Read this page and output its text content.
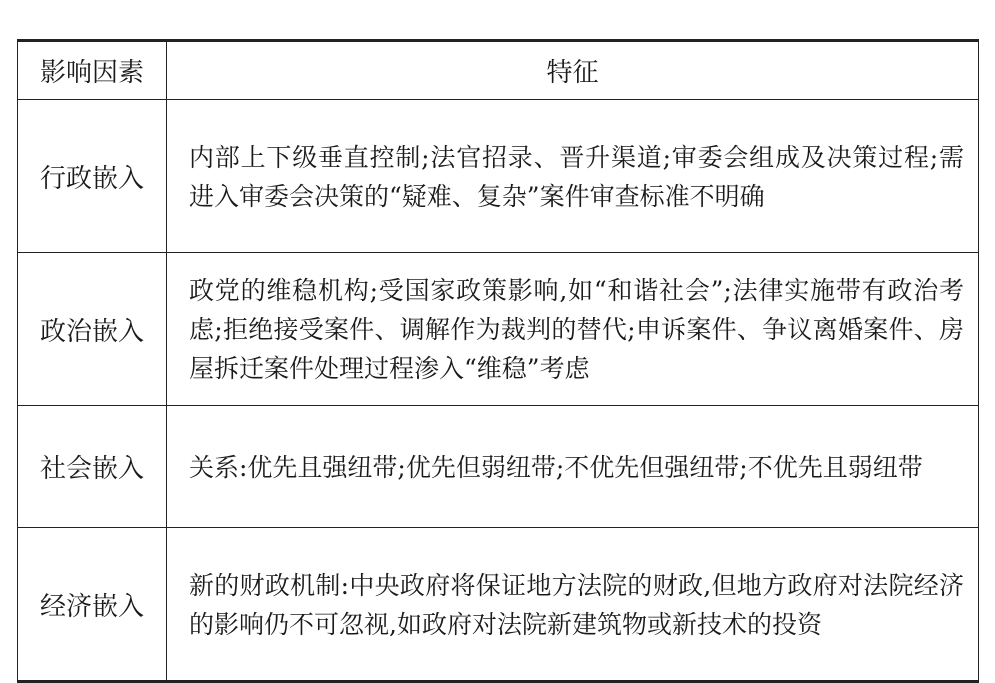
影响因素	特征
行政嵌入	内部上下级垂直控制;法官招录、晋升渠道;审委会组成及决策过程;需进入审委会决策的“疑难、复杂”案件审查标准不明确
政治嵌入	政党的维稳机构;受国家政策影响,如“和谐社会”;法律实施带有政治考虑;拒绝接受案件、调解作为裁判的替代;申诉案件、争议离婚案件、房屋拆迁案件处理过程渗入“维稳”考虑
社会嵌入	关系:优先且强纽带;优先但弱纽带;不优先但强纽带;不优先且弱纽带
经济嵌入	新的财政机制:中央政府将保证地方法院的财政,但地方政府对法院经济的影响仍不可忽视,如政府对法院新建筑物或新技术的投资
